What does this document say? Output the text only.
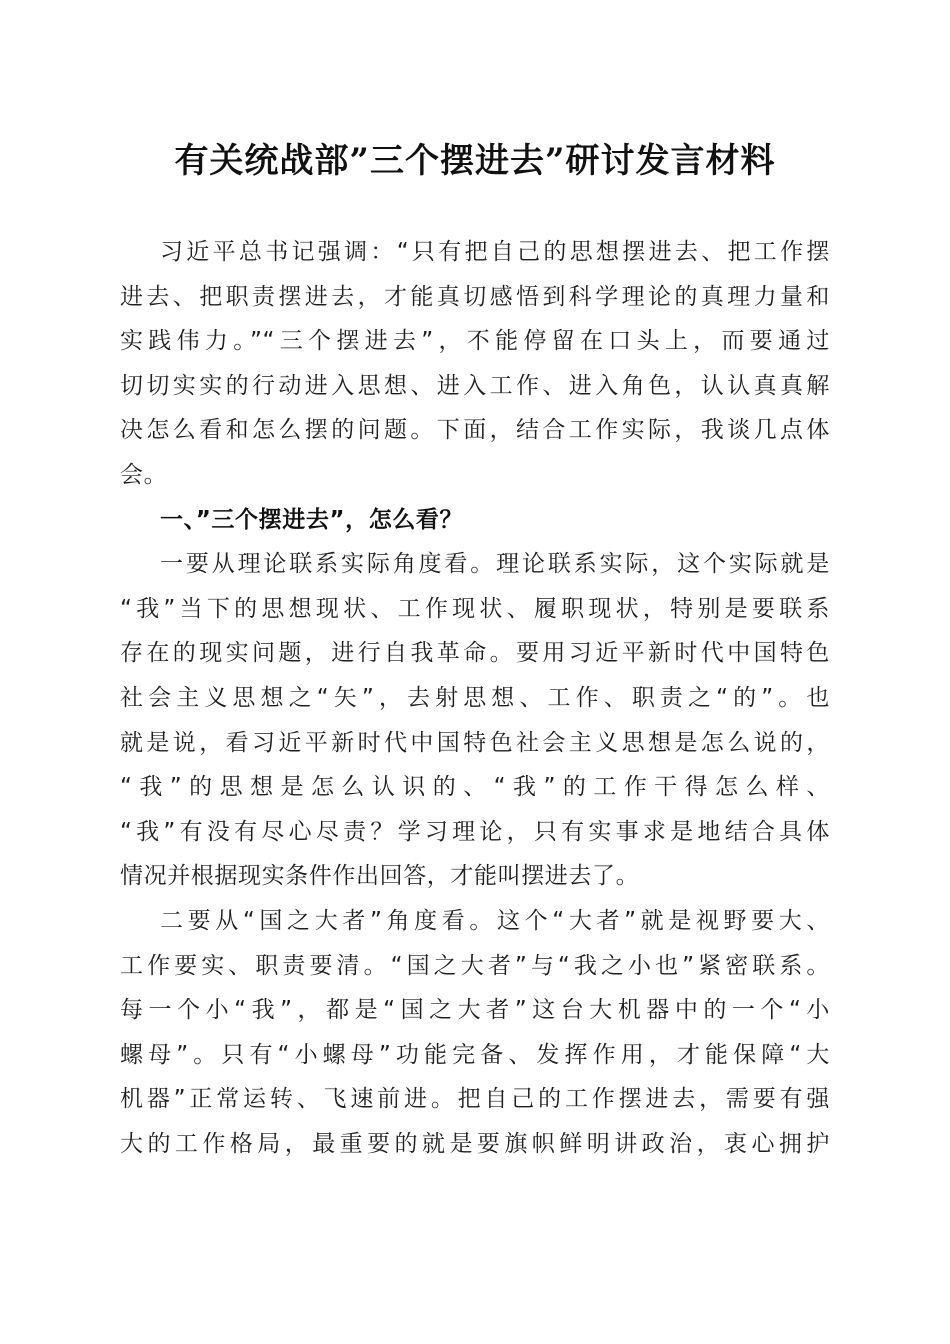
有关统战部”三个摆进去”研讨发言材料
习近平总书记强调：“只有把自己的思想摆进去、把工作摆
进去、把职责摆进去，才能真切感悟到科学理论的真理力量和
实践伟力。”“三个摆进去”，不能停留在口头上，而要通过
切切实实的行动进入思想、进入工作、进入角色，认认真真解
决怎么看和怎么摆的问题。下面，结合工作实际，我谈几点体
会。
一、”三个摆进去”，怎么看？
一要从理论联系实际角度看。理论联系实际，这个实际就是
“我”当下的思想现状、工作现状、履职现状，特别是要联系
存在的现实问题，进行自我革命。要用习近平新时代中国特色
社会主义思想之“矢”，去射思想、工作、职责之“的”。也
就是说，看习近平新时代中国特色社会主义思想是怎么说的，
“我”的思想是怎么认识的、“我”的工作干得怎么样、
“我”有没有尽心尽责？学习理论，只有实事求是地结合具体
情况并根据现实条件作出回答，才能叫摆进去了。
二要从“国之大者”角度看。这个“大者”就是视野要大、
工作要实、职责要清。“国之大者”与“我之小也”紧密联系。
每一个小“我”，都是“国之大者”这台大机器中的一个“小
螺母”。只有“小螺母”功能完备、发挥作用，才能保障“大
机器”正常运转、飞速前进。把自己的工作摆进去，需要有强
大的工作格局，最重要的就是要旗帜鲜明讲政治，衷心拥护
